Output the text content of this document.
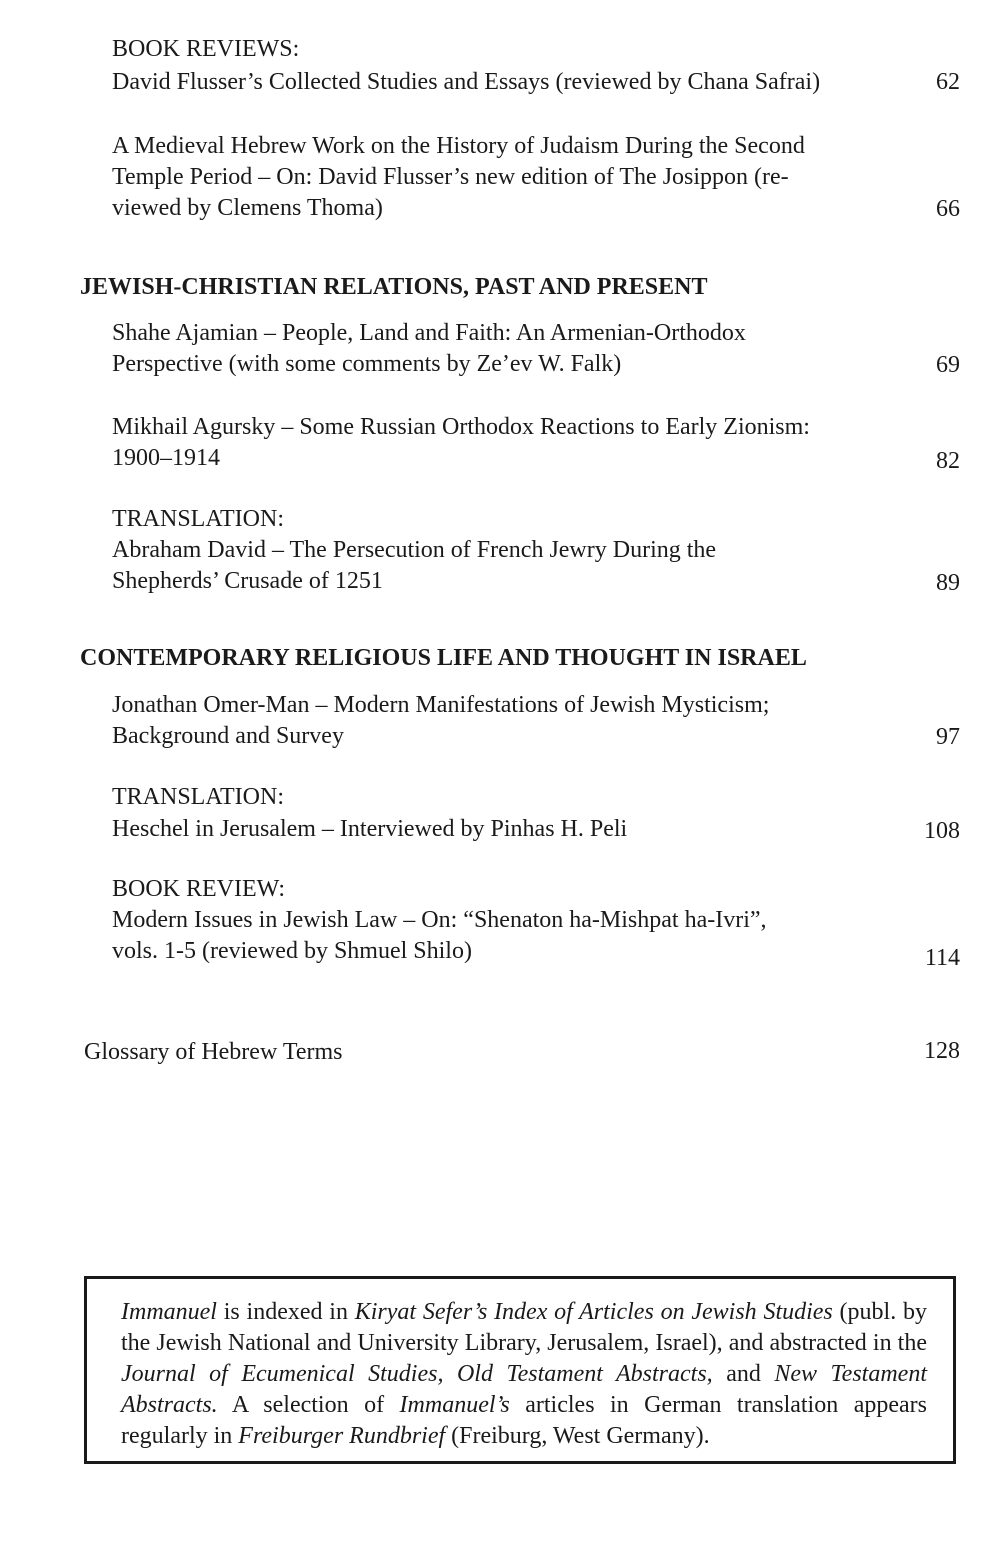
BOOK REVIEWS:
David Flusser’s Collected Studies and Essays (reviewed by Chana Safrai)	62
A Medieval Hebrew Work on the History of Judaism During the Second
Temple Period – On: David Flusser’s new edition of The Josippon (re-
viewed by Clemens Thoma)	66
JEWISH-CHRISTIAN RELATIONS, PAST AND PRESENT
Shahe Ajamian – People, Land and Faith: An Armenian-Orthodox
Perspective (with some comments by Ze’ev W. Falk)	69
Mikhail Agursky – Some Russian Orthodox Reactions to Early Zionism:
1900–1914	82
TRANSLATION:
Abraham David – The Persecution of French Jewry During the
Shepherds’ Crusade of 1251	89
CONTEMPORARY RELIGIOUS LIFE AND THOUGHT IN ISRAEL
Jonathan Omer-Man – Modern Manifestations of Jewish Mysticism;
Background and Survey	97
TRANSLATION:
Heschel in Jerusalem – Interviewed by Pinhas H. Peli	108
BOOK REVIEW:
Modern Issues in Jewish Law – On: “Shenaton ha-Mishpat ha-Ivri”,
vols. 1-5 (reviewed by Shmuel Shilo)	114
Glossary of Hebrew Terms	128
Immanuel is indexed in Kiryat Sefer’s Index of Articles on Jewish Studies (publ. by the Jewish National and University Library, Jerusalem, Israel), and abstracted in the Journal of Ecumenical Studies, Old Testament Abstracts, and New Testament Abstracts. A selection of Immanuel’s articles in German translation appears regularly in Freiburger Rundbrief (Freiburg, West Germany).
